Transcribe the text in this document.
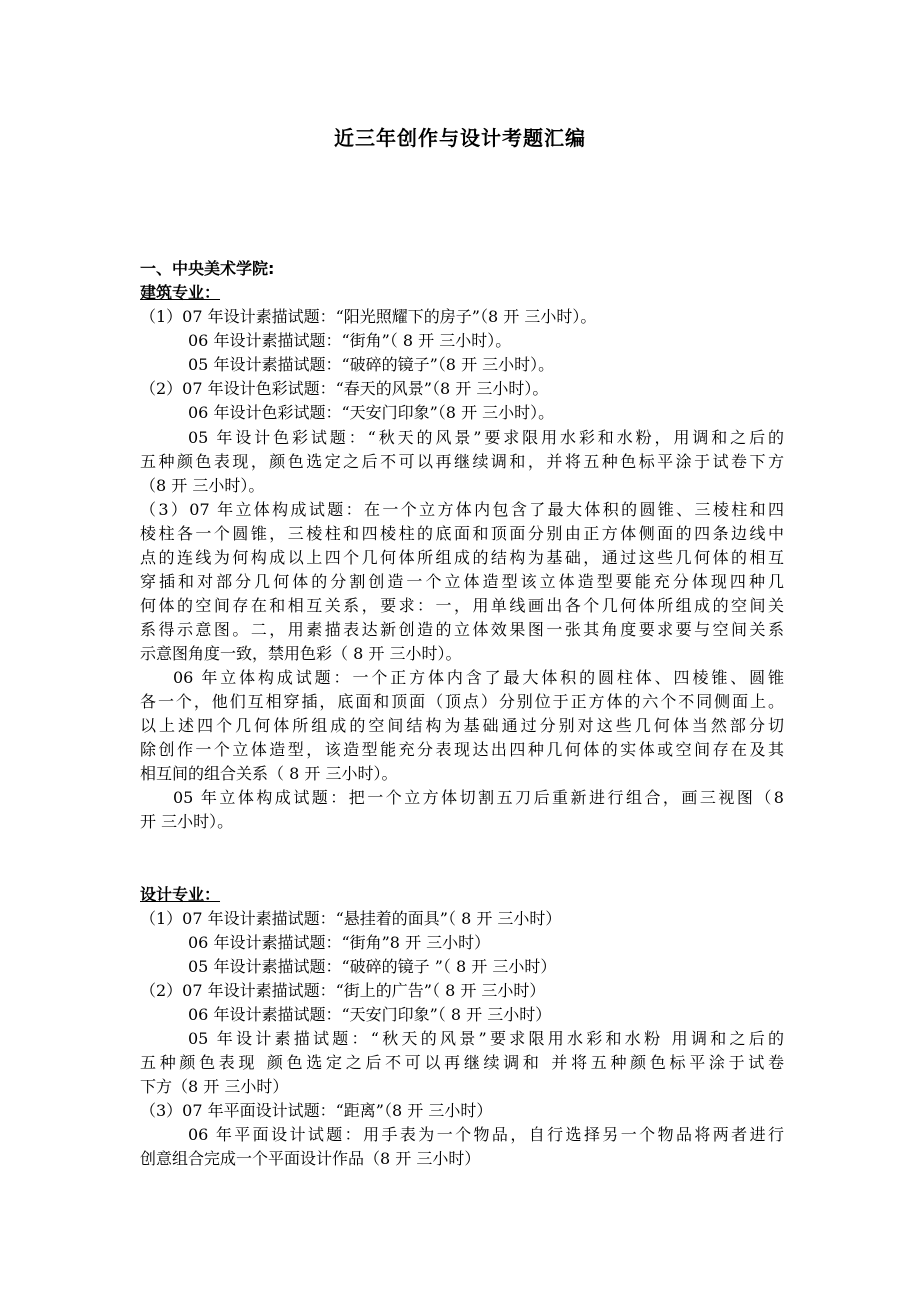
近三年创作与设计考题汇编
一、中央美术学院:
建筑专业：
（1）07 年设计素描试题：“阳光照耀下的房子”（8 开 三小时）。
06 年设计素描试题：“街角”（ 8 开 三小时）。
05 年设计素描试题：“破碎的镜子”（8 开 三小时）。
（2）07 年设计色彩试题：“春天的风景”（8 开 三小时）。
06 年设计色彩试题：“天安门印象”（8 开 三小时）。
05 年设计色彩试题：“秋天的风景”要求限用水彩和水粉，用调和之后的
五种颜色表现，颜色选定之后不可以再继续调和，并将五种色标平涂于试卷下方
（8 开 三小时）。
（3）07 年立体构成试题：在一个立方体内包含了最大体积的圆锥、三棱柱和四
棱柱各一个圆锥，三棱柱和四棱柱的底面和顶面分别由正方体侧面的四条边线中
点的连线为何构成以上四个几何体所组成的结构为基础，通过这些几何体的相互
穿插和对部分几何体的分割创造一个立体造型该立体造型要能充分体现四种几
何体的空间存在和相互关系，要求：一，用单线画出各个几何体所组成的空间关
系得示意图。二，用素描表达新创造的立体效果图一张其角度要求要与空间关系
示意图角度一致，禁用色彩（ 8 开 三小时）。
06 年立体构成试题：一个正方体内含了最大体积的圆柱体、四棱锥、圆锥
各一个，他们互相穿插，底面和顶面（顶点）分别位于正方体的六个不同侧面上。
以上述四个几何体所组成的空间结构为基础通过分别对这些几何体当然部分切
除创作一个立体造型，该造型能充分表现达出四种几何体的实体或空间存在及其
相互间的组合关系（ 8 开 三小时）。
05 年立体构成试题：把一个立方体切割五刀后重新进行组合，画三视图（8
开 三小时）。
设计专业：
（1）07 年设计素描试题：“悬挂着的面具”（ 8 开 三小时）
06 年设计素描试题：“街角”8 开 三小时）
05 年设计素描试题：“破碎的镜子 ”（ 8 开 三小时）
（2）07 年设计素描试题：“街上的广告”（ 8 开 三小时）
06 年设计素描试题：“天安门印象”（ 8 开 三小时）
05 年设计素描试题：“秋天的风景”要求限用水彩和水粉 用调和之后的
五种颜色表现 颜色选定之后不可以再继续调和 并将五种颜色标平涂于试卷
下方（8 开 三小时）
（3）07 年平面设计试题：“距离”（8 开 三小时）
06 年平面设计试题：用手表为一个物品，自行选择另一个物品将两者进行
创意组合完成一个平面设计作品（8 开 三小时）
